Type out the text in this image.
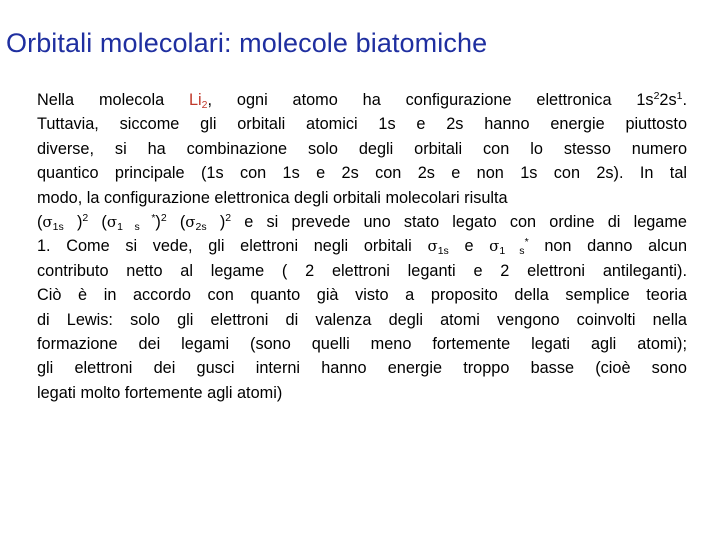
Orbitali molecolari: molecole biatomiche
Nella molecola $Li_2$, ogni atomo ha configurazione elettronica $1s^22s^1$.
Tuttavia, siccome gli orbitali atomici 1s e 2s hanno energie piuttosto
diverse, si ha combinazione solo degli orbitali con lo stesso numero
quantico principale (1s con 1s e 2s con 2s e non 1s con 2s). In tal
modo, la configurazione elettronica degli orbitali molecolari risulta
($\sigma_{1s}$ )$^2$ ($\sigma_{1 s}$ *)$^2$ ($\sigma_{2s}$ )$^2$ e si prevede uno stato legato con ordine di legame
1. Come si vede, gli elettroni negli orbitali $\sigma_{1s}$ e $\sigma_{1 s}^*$ non danno alcun
contributo netto al legame ( 2 elettroni leganti e 2 elettroni antileganti).
Ciò è in accordo con quanto già visto a proposito della semplice teoria
di Lewis: solo gli elettroni di valenza degli atomi vengono coinvolti nella
formazione dei legami (sono quelli meno fortemente legati agli atomi);
gli elettroni dei gusci interni hanno energie troppo basse (cioè sono
legati molto fortemente agli atomi)
